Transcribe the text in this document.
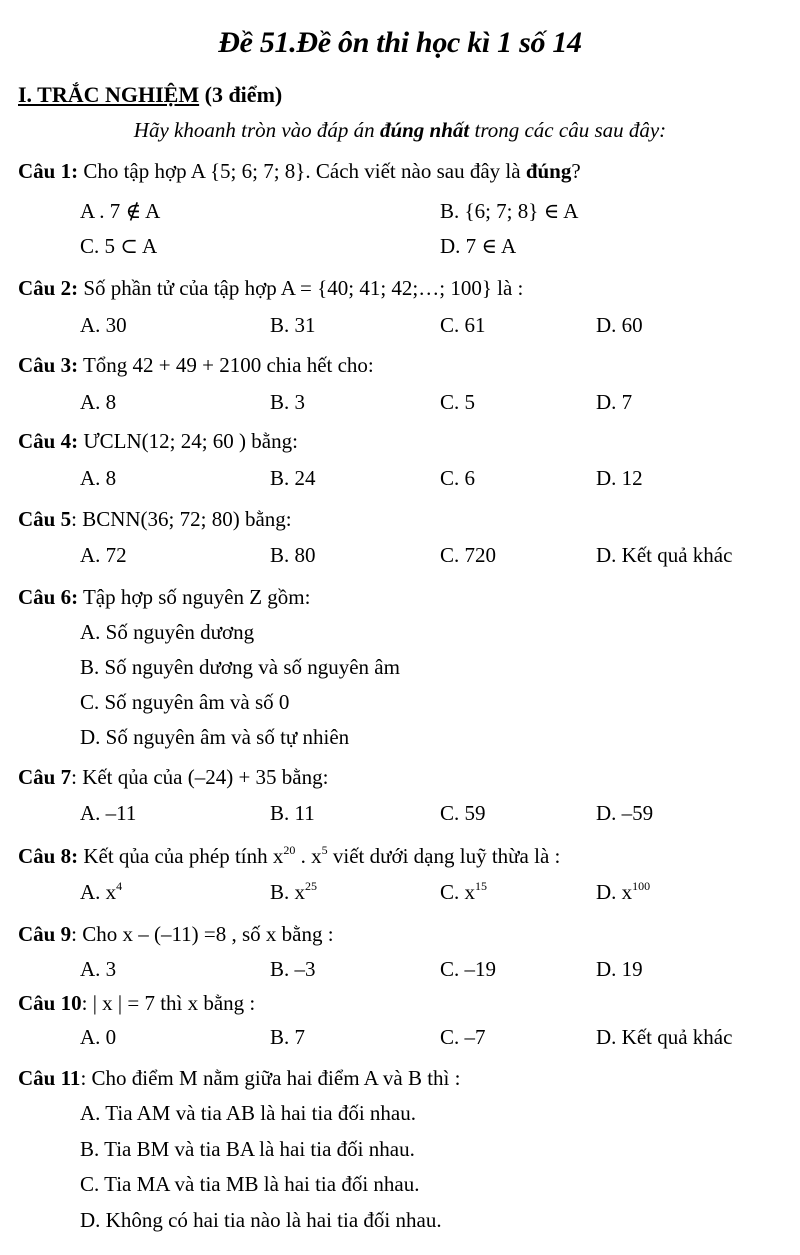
Đề 51.Đề ôn thi học kì 1 số 14
I. TRẮC NGHIỆM (3 điểm)
Hãy khoanh tròn vào đáp án đúng nhất trong các câu sau đây:
Câu 1: Cho tập hợp A {5; 6; 7; 8}. Cách viết nào sau đây là đúng?
A . 7 ∉ A	B. {6; 7; 8} ∈ A
C. 5 ⊂ A	D. 7 ∈ A
Câu 2: Số phần tử của tập hợp A = {40; 41; 42;…; 100} là :
A. 30	B. 31	C. 61	D. 60
Câu 3: Tổng 42 + 49 + 2100 chia hết cho:
A. 8	B. 3	C. 5	D. 7
Câu 4: ƯCLN(12; 24; 60 ) bằng:
A. 8	B. 24	C. 6	D. 12
Câu 5: BCNN(36; 72; 80) bằng:
A. 72	B. 80	C. 720	D. Kết quả khác
Câu 6: Tập hợp số nguyên Z gồm:
A. Số nguyên dương
B. Số nguyên dương và số nguyên âm
C. Số nguyên âm và số 0
D. Số nguyên âm và số tự nhiên
Câu 7: Kết qủa của (–24) + 35 bằng:
A. –11	B. 11	C. 59	D. –59
Câu 8: Kết qủa của phép tính $x^{20}$ . $x^5$ viết dưới dạng luỹ thừa là :
A. $x^4$	B. $x^{25}$	C. $x^{15}$	D. $x^{100}$
Câu 9: Cho x – (–11) =8 , số x bằng :
A. 3	B. –3	C. –19	D. 19
Câu 10: | x | = 7 thì x bằng :
A. 0	B. 7	C. –7	D. Kết quả khác
Câu 11: Cho điểm M nằm giữa hai điểm A và B thì :
A. Tia AM và tia AB là hai tia đối nhau.
B. Tia BM và tia BA là hai tia đối nhau.
C. Tia MA và tia MB là hai tia đối nhau.
D. Không có hai tia nào là hai tia đối nhau.
